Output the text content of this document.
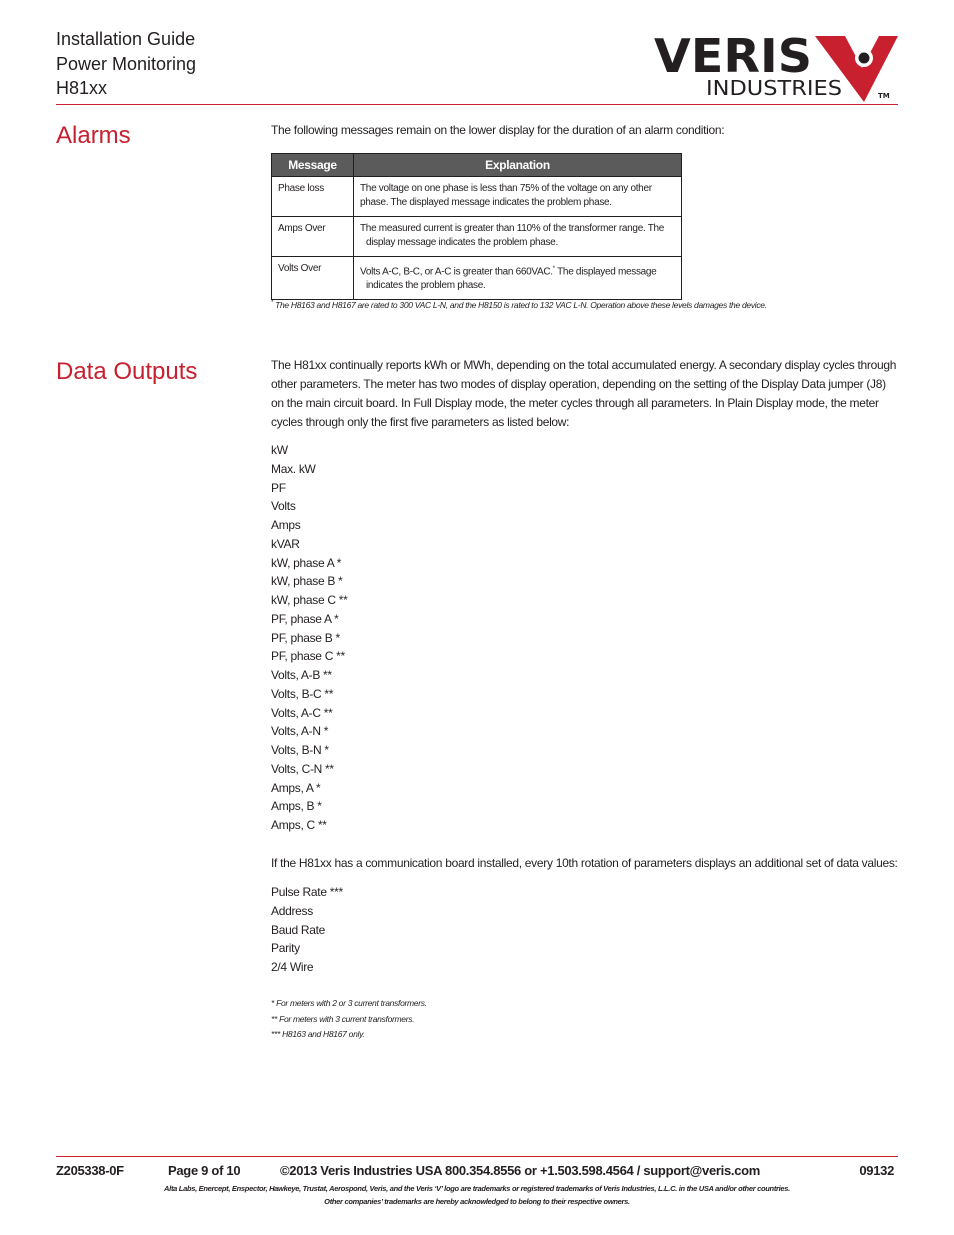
Installation Guide
Power Monitoring
H81xx
VERIS
INDUSTRIES	TM
Alarms	The following messages remain on the lower display for the duration of an alarm condition:
Message	Explanation
Phase loss	The voltage on one phase is less than 75% of the voltage on any other
phase. The displayed message indicates the problem phase.

Amps Over	The measured current is greater than 110% of the transformer range. The
display message indicates the problem phase.

Volts Over	Volts A-C, B-C, or A-C is greater than 660VAC.* The displayed message
indicates the problem phase.
* The H8163 and H8167 are rated to 300 VAC L-N, and the H8150 is rated to 132 VAC L-N. Operation above these levels damages the device.
Data Outputs	The H81xx continually reports kWh or MWh, depending on the total accumulated energy. A secondary display cycles through other parameters. The meter has two modes of display operation, depending on the setting of the Display Data jumper (J8) on the main circuit board. In Full Display mode, the meter cycles through all parameters. In Plain Display mode, the meter cycles through only the first five parameters as listed below:
kW
Max. kW
PF
Volts
Amps
kVAR
kW, phase A *
kW, phase B *
kW, phase C **
PF, phase A *
PF, phase B *
PF, phase C **
Volts, A-B **
Volts, B-C **
Volts, A-C **
Volts, A-N *
Volts, B-N *
Volts, C-N **
Amps, A *
Amps, B *
Amps, C **
If the H81xx has a communication board installed, every 10th rotation of parameters displays an additional set of data values:
Pulse Rate ***
Address
Baud Rate
Parity
2/4 Wire
* For meters with 2 or 3 current transformers.
** For meters with 3 current transformers.
*** H8163 and H8167 only.
Z205338-0F	Page 9 of 10	©2013 Veris Industries USA 800.354.8556 or +1.503.598.4564 / support@veris.com	09132
Alta Labs, Enercept, Enspector, Hawkeye, Trustat, Aerospond, Veris, and the Veris ‘V’ logo are trademarks or registered trademarks of Veris Industries, L.L.C. in the USA and/or other countries.
Other companies’ trademarks are hereby acknowledged to belong to their respective owners.
